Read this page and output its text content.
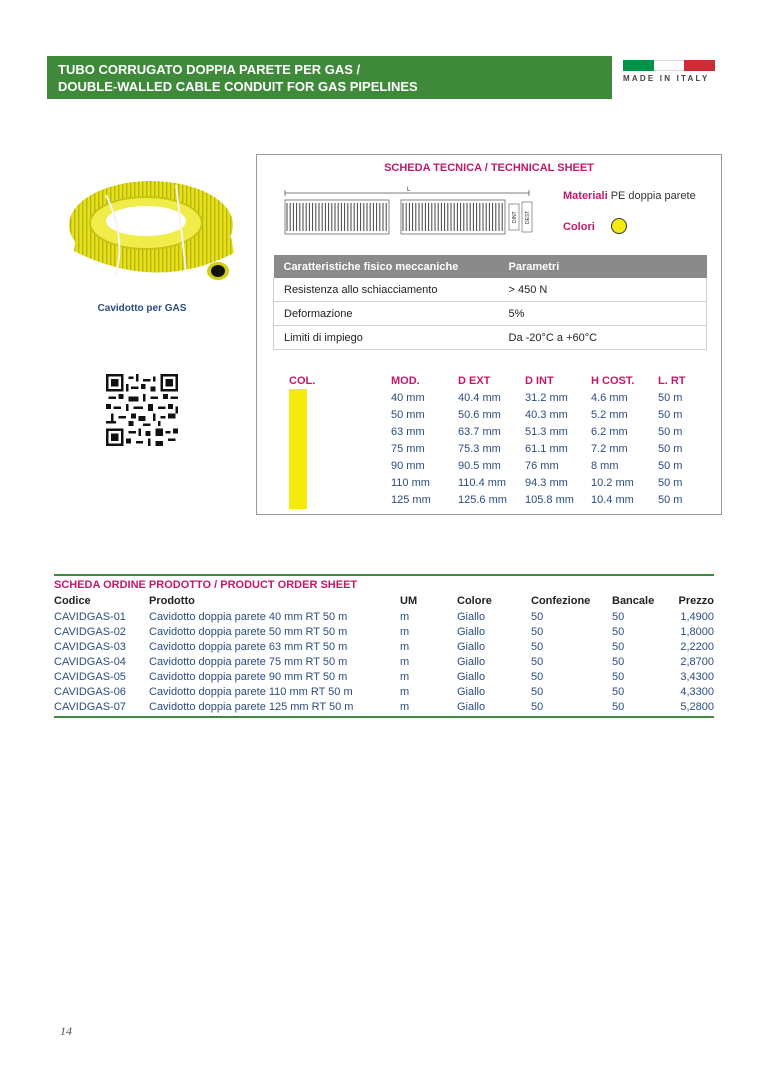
TUBO CORRUGATO DOPPIA PARETE PER GAS /
DOUBLE-WALLED CABLE CONDUIT FOR GAS PIPELINES
MADE IN ITALY
Cavidotto per GAS
SCHEDA TECNICA / TECHNICAL SHEET
L
DINT DEST
Materiali PE doppia parete
Colori
Caratteristiche fisico meccaniche	Parametri
Resistenza allo schiacciamento	> 450 N
Deformazione	5%
Limiti di impiego	Da -20°C a +60°C
COL.	MOD.	D EXT	D INT	H COST. L. RT
40 mm	40.4 mm 31.2 mm 4.6 mm	50 m
50 mm	50.6 mm 40.3 mm 5.2 mm	50 m
63 mm	63.7 mm 51.3 mm 6.2 mm	50 m
75 mm	75.3 mm 61.1 mm 7.2 mm	50 m
90 mm	90.5 mm 76 mm	8 mm	50 m
110 mm	110.4 mm 94.3 mm 10.2 mm 50 m
125 mm 125.6 mm 105.8 mm 10.4 mm 50 m
SCHEDA ORDINE PRODOTTO / PRODUCT ORDER SHEET
Codice	Prodotto	UM	Colore	Confezione	Bancale	Prezzo
CAVIDGAS-01	Cavidotto doppia parete 40 mm RT 50 m	m	Giallo	50	50	1,4900
CAVIDGAS-02	Cavidotto doppia parete 50 mm RT 50 m	m	Giallo	50	50	1,8000
CAVIDGAS-03	Cavidotto doppia parete 63 mm RT 50 m	m	Giallo	50	50	2,2200
CAVIDGAS-04	Cavidotto doppia parete 75 mm RT 50 m	m	Giallo	50	50	2,8700
CAVIDGAS-05	Cavidotto doppia parete 90 mm RT 50 m	m	Giallo	50	50	3,4300
CAVIDGAS-06	Cavidotto doppia parete 110 mm RT 50 m	m	Giallo	50	50	4,3300
CAVIDGAS-07	Cavidotto doppia parete 125 mm RT 50 m	m	Giallo	50	50	5,2800
14
